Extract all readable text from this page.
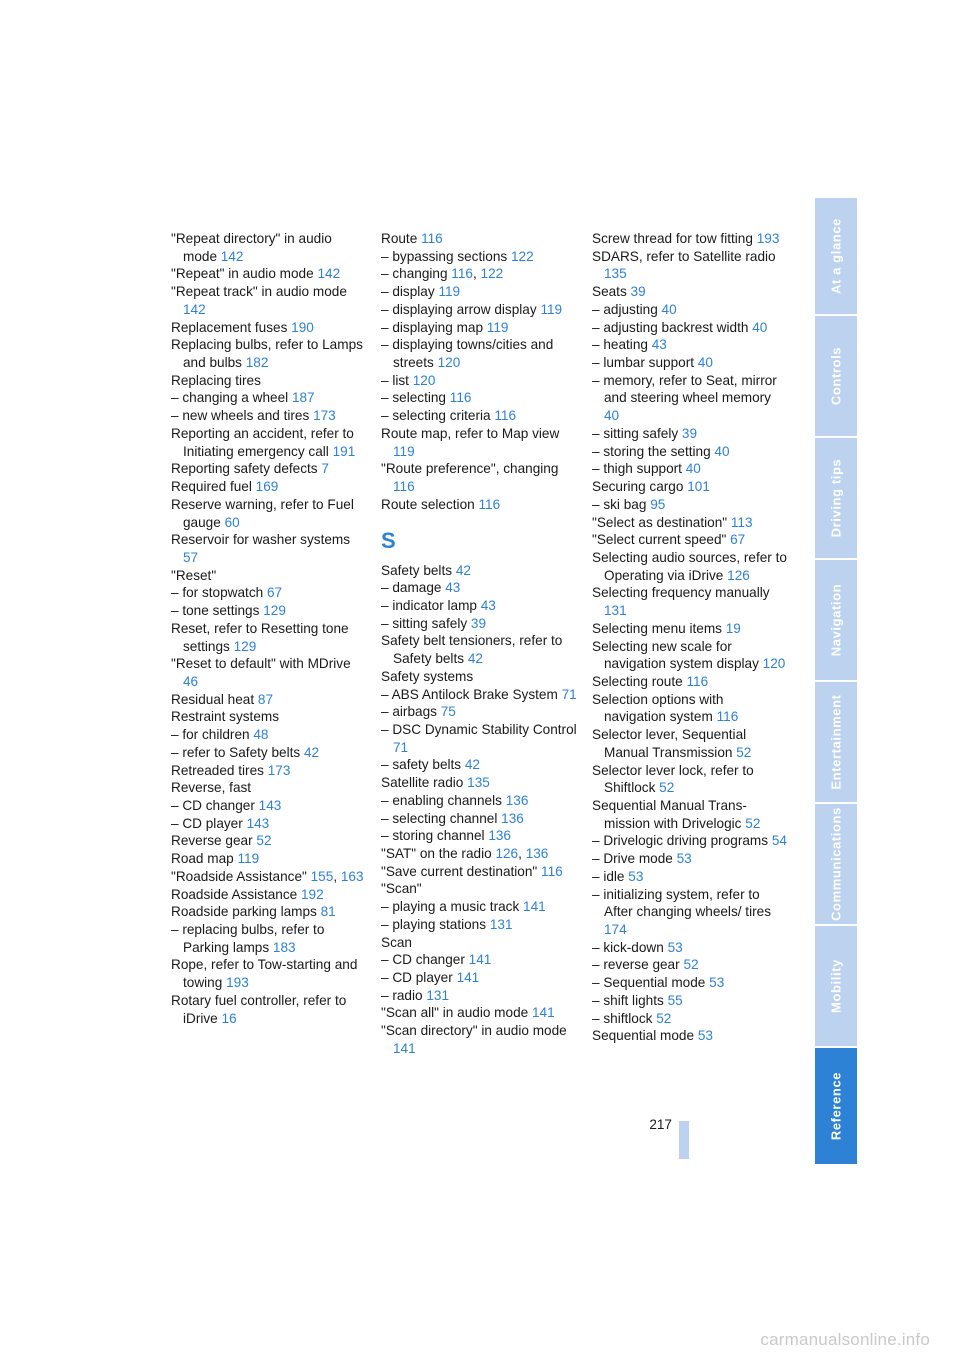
"Repeat directory" in audio mode 142
"Repeat" in audio mode 142
"Repeat track" in audio mode 142
Replacement fuses 190
Replacing bulbs, refer to Lamps and bulbs 182
Replacing tires
– changing a wheel 187
– new wheels and tires 173
Reporting an accident, refer to Initiating emergency call 191
Reporting safety defects 7
Required fuel 169
Reserve warning, refer to Fuel gauge 60
Reservoir for washer systems 57
"Reset"
– for stopwatch 67
– tone settings 129
Reset, refer to Resetting tone settings 129
"Reset to default" with MDrive 46
Residual heat 87
Restraint systems
– for children 48
– refer to Safety belts 42
Retreaded tires 173
Reverse, fast
– CD changer 143
– CD player 143
Reverse gear 52
Road map 119
"Roadside Assistance" 155, 163
Roadside Assistance 192
Roadside parking lamps 81
– replacing bulbs, refer to Parking lamps 183
Rope, refer to Tow-starting and towing 193
Rotary fuel controller, refer to iDrive 16
Route 116
– bypassing sections 122
– changing 116, 122
– display 119
– displaying arrow display 119
– displaying map 119
– displaying towns/cities and streets 120
– list 120
– selecting 116
– selecting criteria 116
Route map, refer to Map view 119
"Route preference", changing 116
Route selection 116
S
Safety belts 42
– damage 43
– indicator lamp 43
– sitting safely 39
Safety belt tensioners, refer to Safety belts 42
Safety systems
– ABS Antilock Brake System 71
– airbags 75
– DSC Dynamic Stability Control 71
– safety belts 42
Satellite radio 135
– enabling channels 136
– selecting channel 136
– storing channel 136
"SAT" on the radio 126, 136
"Save current destination" 116
"Scan"
– playing a music track 141
– playing stations 131
Scan
– CD changer 141
– CD player 141
– radio 131
"Scan all" in audio mode 141
"Scan directory" in audio mode 141
Screw thread for tow fitting 193
SDARS, refer to Satellite radio 135
Seats 39
– adjusting 40
– adjusting backrest width 40
– heating 43
– lumbar support 40
– memory, refer to Seat, mirror and steering wheel memory 40
– sitting safely 39
– storing the setting 40
– thigh support 40
Securing cargo 101
– ski bag 95
"Select as destination" 113
"Select current speed" 67
Selecting audio sources, refer to Operating via iDrive 126
Selecting frequency manually 131
Selecting menu items 19
Selecting new scale for navigation system display 120
Selecting route 116
Selection options with navigation system 116
Selector lever, Sequential Manual Transmission 52
Selector lever lock, refer to Shiftlock 52
Sequential Manual Trans- mission with Drivelogic 52
– Drivelogic driving programs 54
– Drive mode 53
– idle 53
– initializing system, refer to After changing wheels/ tires 174
– kick-down 53
– reverse gear 52
– Sequential mode 53
– shift lights 55
– shiftlock 52
Sequential mode 53
At a glance
Controls
Driving tips
Navigation
Entertainment
Communications
Mobility
Reference
217
carmanualsonline.info
